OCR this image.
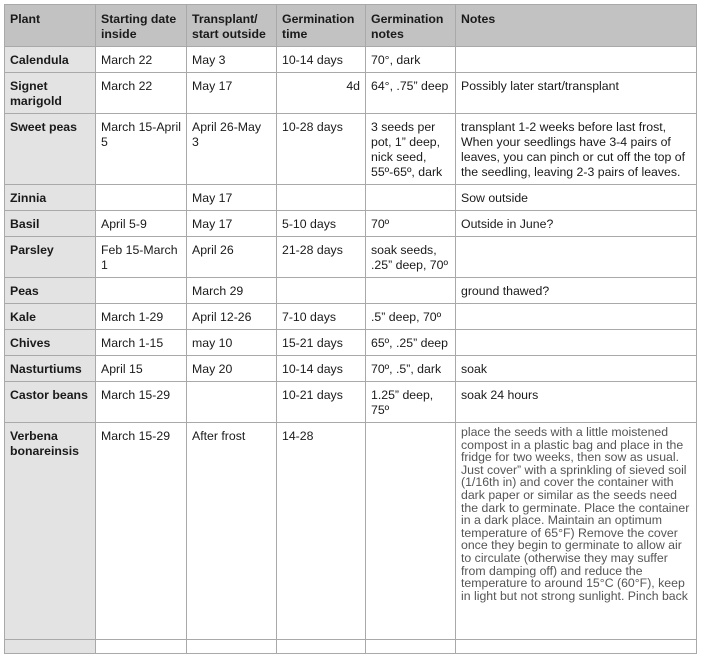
Plant	Starting date inside	Transplant/ start outside	Germination time	Germination notes	Notes
Calendula	March 22	May 3	10-14 days	70°, dark	
Signet marigold	March 22	May 17	4d	64°, .75” deep	Possibly later start/transplant
Sweet peas	March 15-April 5	April 26-May 3	10-28 days	3 seeds per pot, 1” deep, nick seed, 55º-65º, dark	transplant 1-2 weeks before last frost, When your seedlings have 3-4 pairs of leaves, you can pinch or cut off the top of the seedling, leaving 2-3 pairs of leaves.
Zinnia		May 17			Sow outside
Basil	April 5-9	May 17	5-10 days	70º	Outside in June?
Parsley	Feb 15-March 1	April 26	21-28 days	soak seeds, .25” deep, 70º	
Peas		March 29			ground thawed?
Kale	March 1-29	April 12-26	7-10 days	.5” deep, 70º	
Chives	March 1-15	may 10	15-21 days	65º, .25” deep	
Nasturtiums	April 15	May 20	10-14 days	70º, .5”, dark	soak
Castor beans	March 15-29		10-21 days	1.25” deep, 75º	soak 24 hours
Verbena bonareinsis	March 15-29	After frost	14-28		place the seeds with a little moistened compost in a plastic bag and place in the fridge for two weeks, then sow as usual. Just cover” with a sprinkling of sieved soil (1/16th in) and cover the container with dark paper or similar as the seeds need the dark to germinate. Place the container in a dark place. Maintain an optimum temperature of 65°F) Remove the cover once they begin to germinate to allow air to circulate (otherwise they may suffer from damping off) and reduce the temperature to around 15°C (60°F), keep in light but not strong sunlight. Pinch back
